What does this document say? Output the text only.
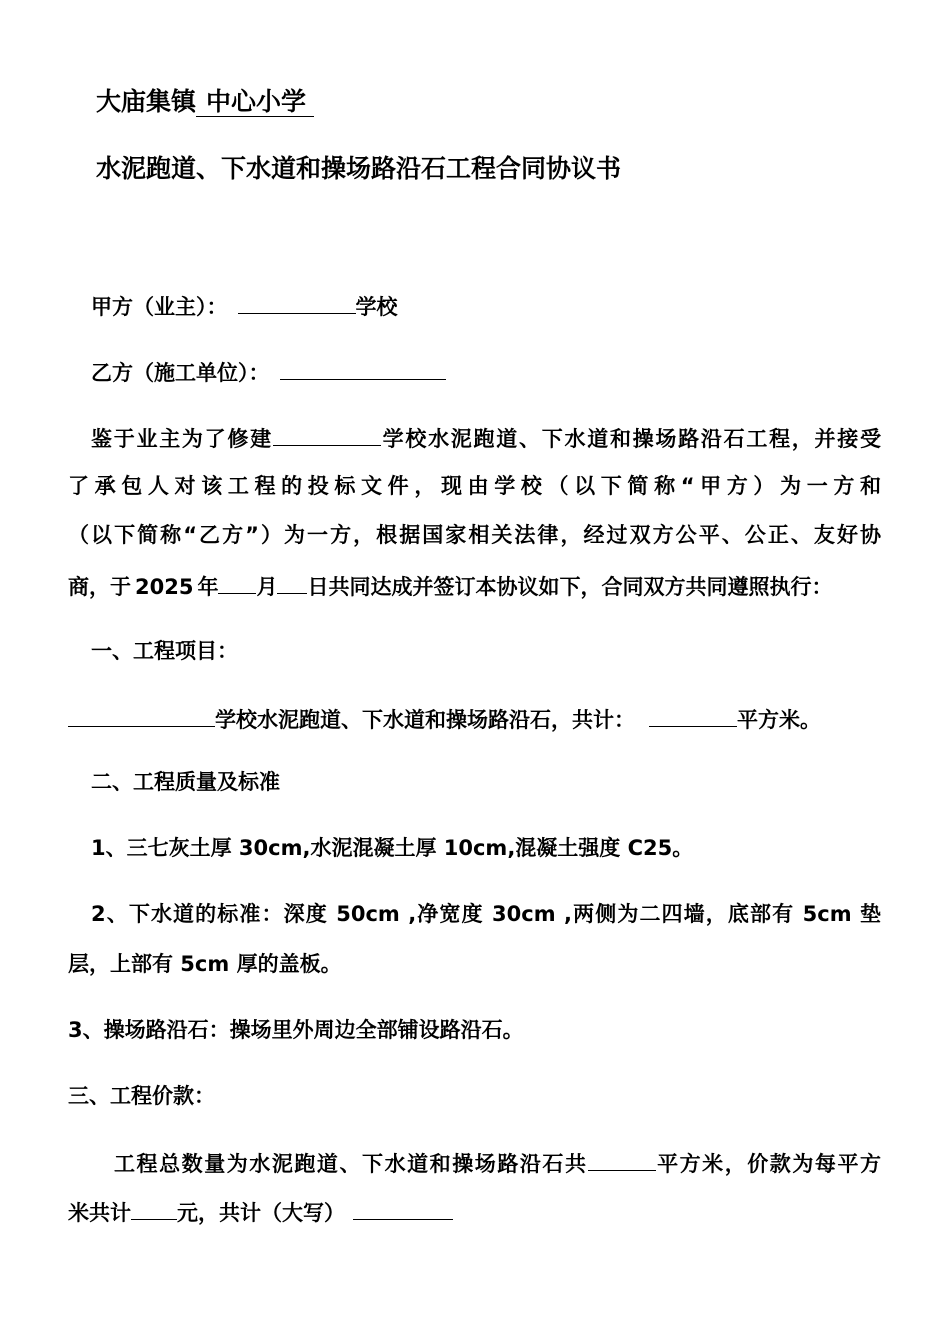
大庙集镇 中心小学
水泥跑道、下水道和操场路沿石工程合同协议书
甲方（业主）：	学校
乙方（施工单位）：
鉴于业主为了修建	学校水泥跑道、下水道和操场路沿石工程，并接受
了承包人对该工程的投标文件，现由学校（以下简称“甲方）为一方和
（以下简称“乙方”）为一方，根据国家相关法律，经过双方公平、公正、友好协
商，于 2025 年 月 日共同达成并签订本协议如下，合同双方共同遵照执行：
一、工程项目：
学校水泥跑道、下水道和操场路沿石，共计：	平方米。
二、工程质量及标准
1、三七灰土厚 30cm,水泥混凝土厚 10cm,混凝土强度 C25。
2、下水道的标准：深度 50cm ,净宽度 30cm ,两侧为二四墙，底部有 5cm 垫
层，上部有 5cm 厚的盖板。
3、操场路沿石：操场里外周边全部铺设路沿石。
三、工程价款：
工程总数量为水泥跑道、下水道和操场路沿石共	平方米，价款为每平方
米共计 元，共计（大写）
